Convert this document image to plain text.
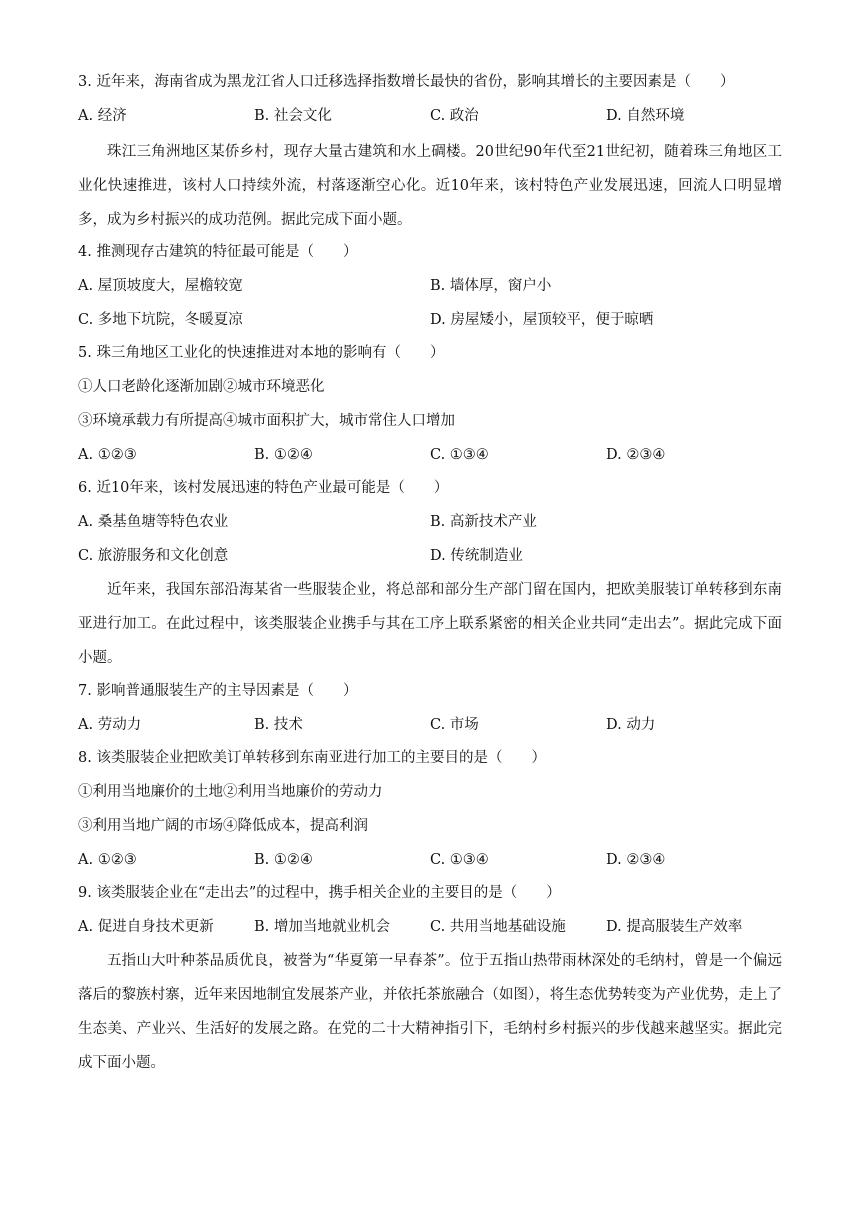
3. 近年来，海南省成为黑龙江省人口迁移选择指数增长最快的省份，影响其增长的主要因素是（　　）
A. 经济	B. 社会文化	C. 政治	D. 自然环境
珠江三角洲地区某侨乡村，现存大量古建筑和水上碉楼。20世纪90年代至21世纪初，随着珠三角地区工业化快速推进，该村人口持续外流，村落逐渐空心化。近10年来，该村特色产业发展迅速，回流人口明显增多，成为乡村振兴的成功范例。据此完成下面小题。
4. 推测现存古建筑的特征最可能是（　　）
A. 屋顶坡度大，屋檐较宽	B. 墙体厚，窗户小
C. 多地下坑院，冬暖夏凉	D. 房屋矮小，屋顶较平，便于晾晒
5. 珠三角地区工业化的快速推进对本地的影响有（　　）
①人口老龄化逐渐加剧②城市环境恶化
③环境承载力有所提高④城市面积扩大，城市常住人口增加
A. ①②③	B. ①②④	C. ①③④	D. ②③④
6. 近10年来，该村发展迅速的特色产业最可能是（　　）
A. 桑基鱼塘等特色农业	B. 高新技术产业
C. 旅游服务和文化创意	D. 传统制造业
近年来，我国东部沿海某省一些服装企业，将总部和部分生产部门留在国内，把欧美服装订单转移到东南亚进行加工。在此过程中，该类服装企业携手与其在工序上联系紧密的相关企业共同“走出去”。据此完成下面小题。
7. 影响普通服装生产的主导因素是（　　）
A. 劳动力	B. 技术	C. 市场	D. 动力
8. 该类服装企业把欧美订单转移到东南亚进行加工的主要目的是（　　）
①利用当地廉价的土地②利用当地廉价的劳动力
③利用当地广阔的市场④降低成本，提高利润
A. ①②③	B. ①②④	C. ①③④	D. ②③④
9. 该类服装企业在“走出去”的过程中，携手相关企业的主要目的是（　　）
A. 促进自身技术更新	B. 增加当地就业机会	C. 共用当地基础设施	D. 提高服装生产效率
五指山大叶种茶品质优良，被誉为“华夏第一早春茶”。位于五指山热带雨林深处的毛纳村，曾是一个偏远落后的黎族村寨，近年来因地制宜发展茶产业，并依托茶旅融合（如图），将生态优势转变为产业优势，走上了生态美、产业兴、生活好的发展之路。在党的二十大精神指引下，毛纳村乡村振兴的步伐越来越坚实。据此完成下面小题。
